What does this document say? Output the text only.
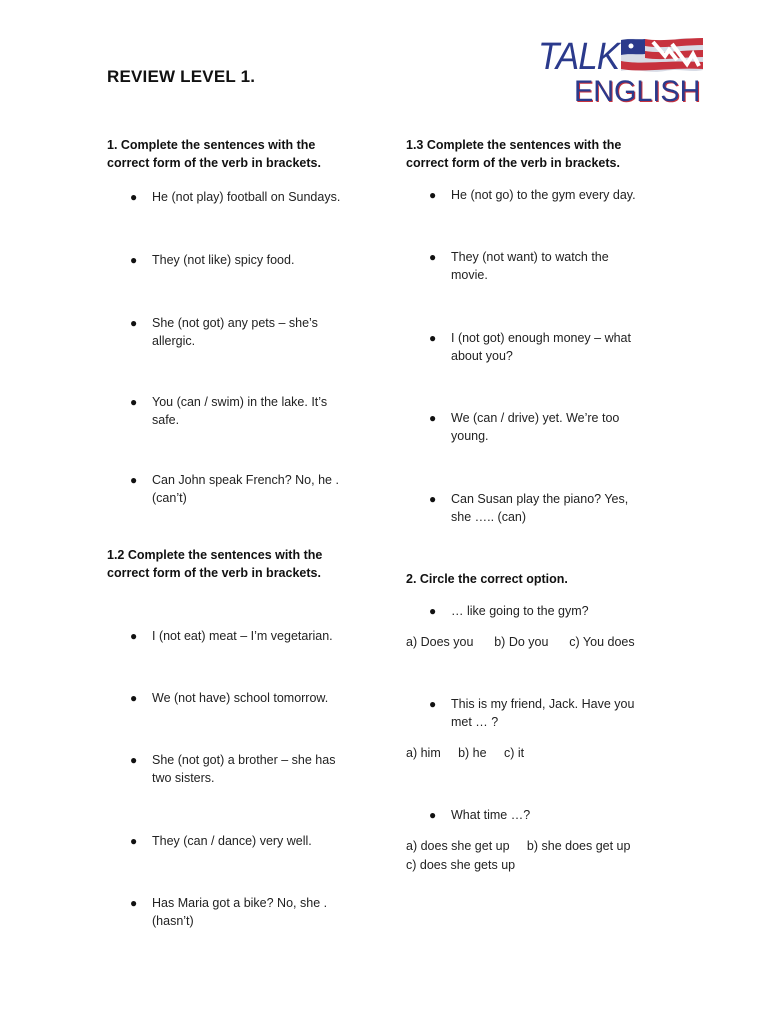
REVIEW LEVEL 1.	TALK
ENGLISH
1. Complete the sentences with the
correct form of the verb in brackets.
● He (not play) football on Sundays.
● They (not like) spicy food.
● She (not got) any pets – she’s
allergic.
● You (can / swim) in the lake. It’s
safe.
● Can John speak French? No, he .
(can’t)
1.2 Complete the sentences with the
correct form of the verb in brackets.
● I (not eat) meat – I’m vegetarian.
● We (not have) school tomorrow.
● She (not got) a brother – she has
two sisters.
● They (can / dance) very well.
● Has Maria got a bike? No, she .
(hasn’t)
1.3 Complete the sentences with the
correct form of the verb in brackets.
● He (not go) to the gym every day.
● They (not want) to watch the
movie.
● I (not got) enough money – what
about you?
● We (can / drive) yet. We’re too
young.
● Can Susan play the piano? Yes,
she ….. (can)
2. Circle the correct option.
● … like going to the gym?
a) Does you      b) Do you      c) You does
● This is my friend, Jack. Have you
met … ?
a) him     b) he     c) it
● What time …?
a) does she get up     b) she does get up
c) does she gets up
